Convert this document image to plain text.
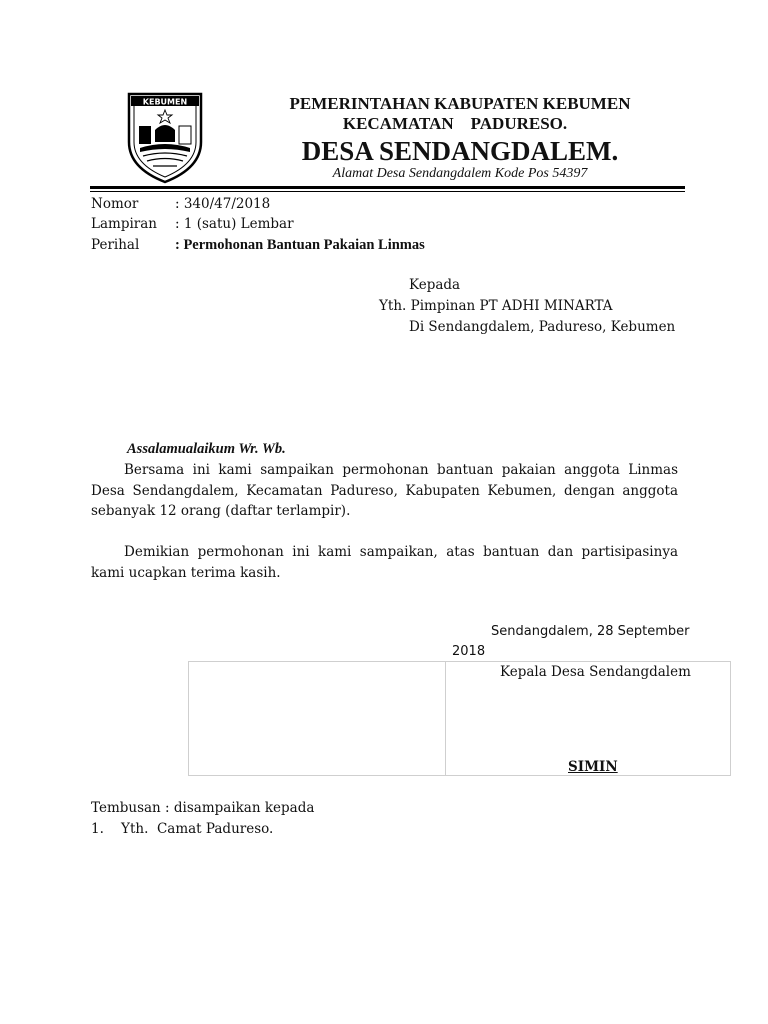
KEBUMEN	PEMERINTAHAN KABUPATEN KEBUMEN
KECAMATAN    PADURESO.
DESA SENDANGDALEM.
Alamat Desa Sendangdalem Kode Pos 54397
Nomor	: 340/47/2018
Lampiran : 1 (satu) Lembar
Perihal : Permohonan Bantuan Pakaian Linmas
Kepada
Yth. Pimpinan PT ADHI MINARTA
Di Sendangdalem, Padureso, Kebumen
Assalamualaikum Wr. Wb.
Bersama ini kami sampaikan permohonan bantuan pakaian anggota Linmas Desa Sendangdalem, Kecamatan Padureso, Kabupaten Kebumen, dengan anggota sebanyak 12 orang (daftar terlampir).
Demikian permohonan ini kami sampaikan, atas bantuan dan partisipasinya kami ucapkan terima kasih.
Sendangdalem, 28 September
2018
Kepala Desa Sendangdalem
SIMIN
Tembusan : disampaikan kepada
1.    Yth.  Camat Padureso.
